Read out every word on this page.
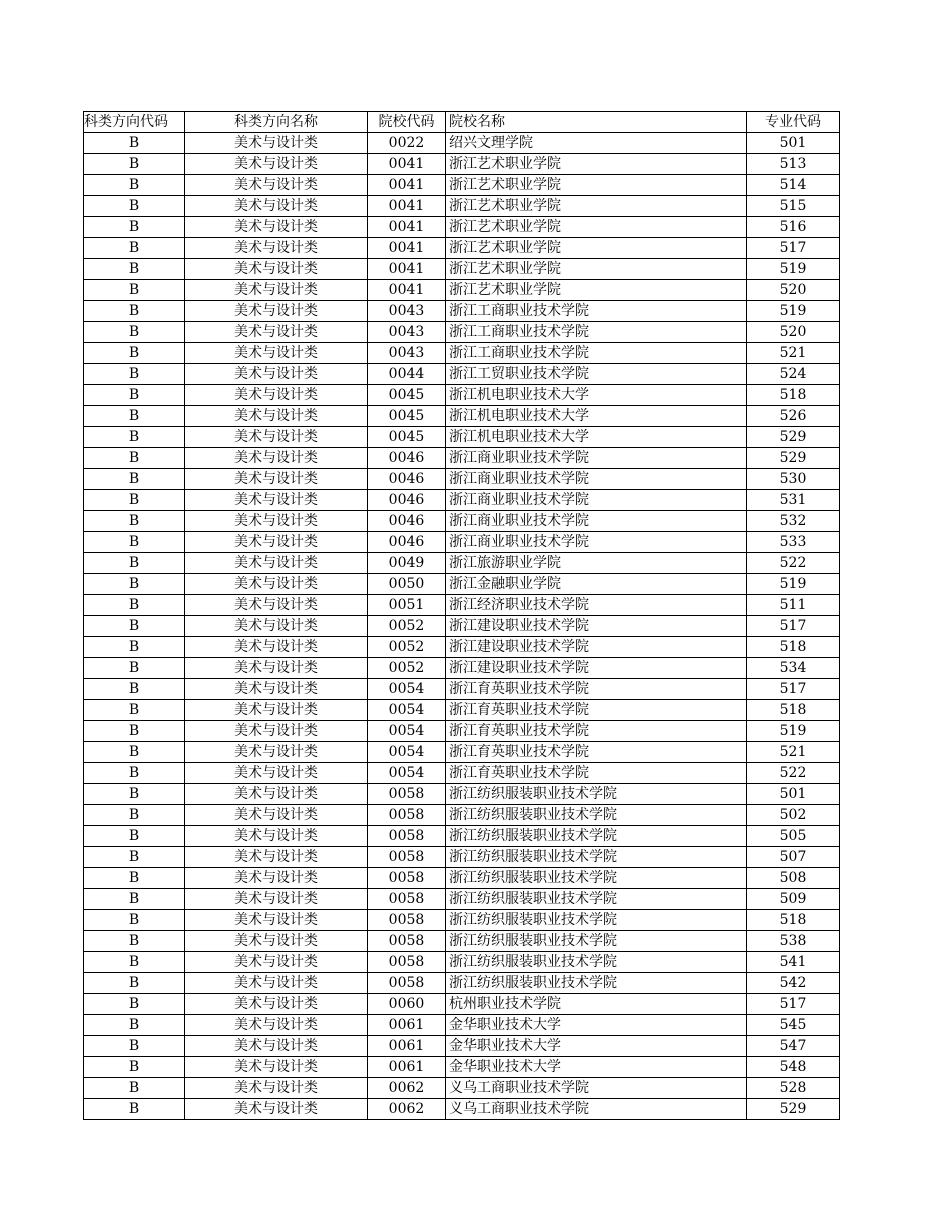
科类方向代码	科类方向名称	院校代码	院校名称	专业代码
B	美术与设计类	0022	绍兴文理学院	501
B	美术与设计类	0041	浙江艺术职业学院	513
B	美术与设计类	0041	浙江艺术职业学院	514
B	美术与设计类	0041	浙江艺术职业学院	515
B	美术与设计类	0041	浙江艺术职业学院	516
B	美术与设计类	0041	浙江艺术职业学院	517
B	美术与设计类	0041	浙江艺术职业学院	519
B	美术与设计类	0041	浙江艺术职业学院	520
B	美术与设计类	0043	浙江工商职业技术学院	519
B	美术与设计类	0043	浙江工商职业技术学院	520
B	美术与设计类	0043	浙江工商职业技术学院	521
B	美术与设计类	0044	浙江工贸职业技术学院	524
B	美术与设计类	0045	浙江机电职业技术大学	518
B	美术与设计类	0045	浙江机电职业技术大学	526
B	美术与设计类	0045	浙江机电职业技术大学	529
B	美术与设计类	0046	浙江商业职业技术学院	529
B	美术与设计类	0046	浙江商业职业技术学院	530
B	美术与设计类	0046	浙江商业职业技术学院	531
B	美术与设计类	0046	浙江商业职业技术学院	532
B	美术与设计类	0046	浙江商业职业技术学院	533
B	美术与设计类	0049	浙江旅游职业学院	522
B	美术与设计类	0050	浙江金融职业学院	519
B	美术与设计类	0051	浙江经济职业技术学院	511
B	美术与设计类	0052	浙江建设职业技术学院	517
B	美术与设计类	0052	浙江建设职业技术学院	518
B	美术与设计类	0052	浙江建设职业技术学院	534
B	美术与设计类	0054	浙江育英职业技术学院	517
B	美术与设计类	0054	浙江育英职业技术学院	518
B	美术与设计类	0054	浙江育英职业技术学院	519
B	美术与设计类	0054	浙江育英职业技术学院	521
B	美术与设计类	0054	浙江育英职业技术学院	522
B	美术与设计类	0058	浙江纺织服装职业技术学院	501
B	美术与设计类	0058	浙江纺织服装职业技术学院	502
B	美术与设计类	0058	浙江纺织服装职业技术学院	505
B	美术与设计类	0058	浙江纺织服装职业技术学院	507
B	美术与设计类	0058	浙江纺织服装职业技术学院	508
B	美术与设计类	0058	浙江纺织服装职业技术学院	509
B	美术与设计类	0058	浙江纺织服装职业技术学院	518
B	美术与设计类	0058	浙江纺织服装职业技术学院	538
B	美术与设计类	0058	浙江纺织服装职业技术学院	541
B	美术与设计类	0058	浙江纺织服装职业技术学院	542
B	美术与设计类	0060	杭州职业技术学院	517
B	美术与设计类	0061	金华职业技术大学	545
B	美术与设计类	0061	金华职业技术大学	547
B	美术与设计类	0061	金华职业技术大学	548
B	美术与设计类	0062	义乌工商职业技术学院	528
B	美术与设计类	0062	义乌工商职业技术学院	529
